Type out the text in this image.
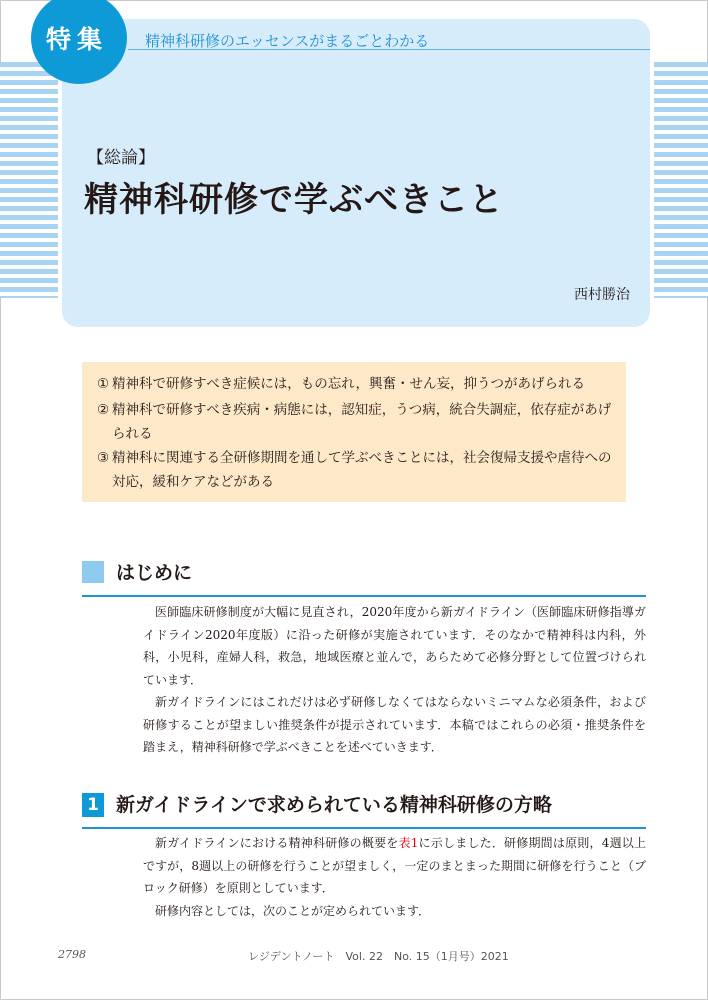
特集	精神科研修のエッセンスがまるごとわかる
【総論】
精神科研修で学ぶべきこと
西村勝治
① 精神科で研修すべき症候には，もの忘れ，興奮・せん妄，抑うつがあげられる
② 精神科で研修すべき疾病・病態には，認知症，うつ病，統合失調症，依存症があげ
られる
③ 精神科に関連する全研修期間を通して学ぶべきことには，社会復帰支援や虐待への
対応，緩和ケアなどがある
はじめに

医師臨床研修制度が大幅に見直され，2020年度から新ガイドライン（医師臨床研修指導ガイドライン2020年度版）に沿った研修が実施されています．そのなかで精神科は内科，外科，小児科，産婦人科，救急，地域医療と並んで，あらためて必修分野として位置づけられています．

新ガイドラインにはこれだけは必ず研修しなくてはならないミニマムな必須条件，および研修することが望ましい推奨条件が提示されています．本稿ではこれらの必須・推奨条件を踏まえ，精神科研修で学ぶべきことを述べていきます．

1 新ガイドラインで求められている精神科研修の方略

新ガイドラインにおける精神科研修の概要を表1に示しました．研修期間は原則，4週以上ですが，8週以上の研修を行うことが望ましく，一定のまとまった期間に研修を行うこと（ブロック研修）を原則としています．

研修内容としては，次のことが定められています．

2798	レジデントノート　Vol. 22　No. 15（1月号）2021
